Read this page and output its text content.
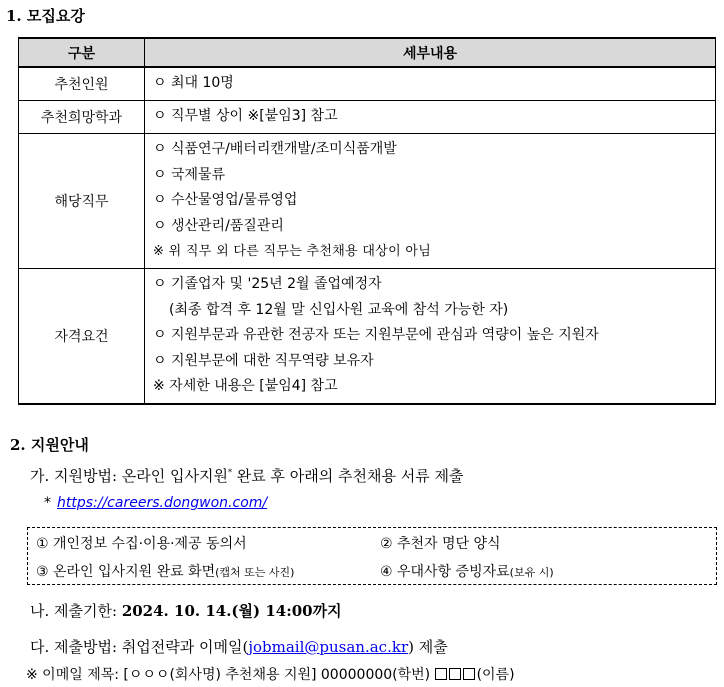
1. 모집요강
구분	세부내용
추천인원	ㅇ 최대 10명

추천희망학과	ㅇ 직무별 상이 ※[붙임3] 참고

해당직무	ㅇ 식품연구/배터리캔개발/조미식품개발
ㅇ 국제물류
ㅇ 수산물영업/물류영업
ㅇ 생산관리/품질관리
※ 위 직무 외 다른 직무는 추천채용 대상이 아님

자격요건	ㅇ 기졸업자 및 '25년 2월 졸업예정자
(최종 합격 후 12월 말 신입사원 교육에 참석 가능한 자)
ㅇ 지원부문과 유관한 전공자 또는 지원부문에 관심과 역량이 높은 지원자
ㅇ 지원부문에 대한 직무역량 보유자
※ 자세한 내용은 [붙임4] 참고
2. 지원안내
가. 지원방법: 온라인 입사지원* 완료 후 아래의 추천채용 서류 제출
* https://careers.dongwon.com/
① 개인정보 수집·이용·제공 동의서	② 추천자 명단 양식
③ 온라인 입사지원 완료 화면(캡처 또는 사진)	④ 우대사항 증빙자료(보유 시)
나. 제출기한: 2024. 10. 14.(월) 14:00까지
다. 제출방법: 취업전략과 이메일(jobmail@pusan.ac.kr) 제출
※ 이메일 제목: [ㅇㅇㅇ(회사명) 추천채용 지원] 00000000(학번)	(이름)
